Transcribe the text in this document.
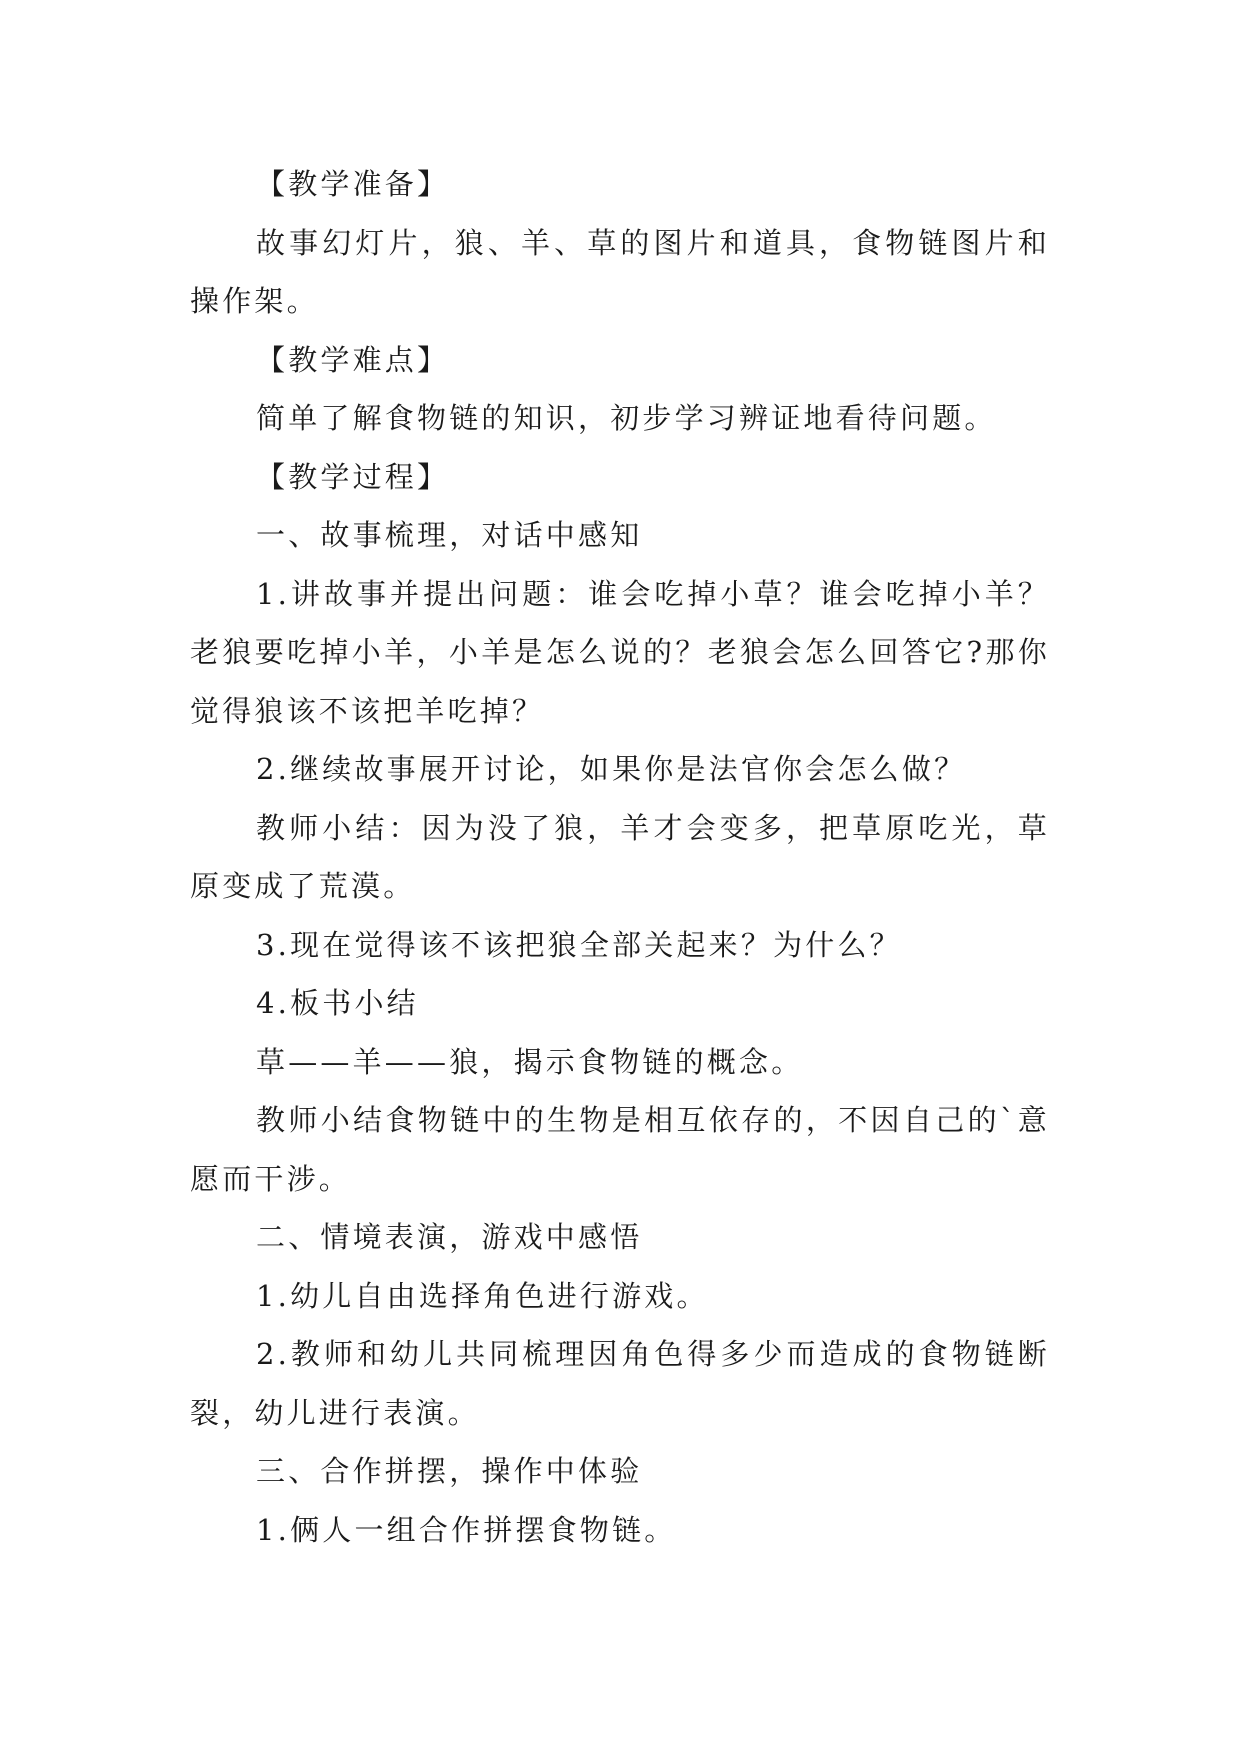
【教学准备】

故事幻灯片，狼、羊、草的图片和道具，食物链图片和操作架。

【教学难点】

简单了解食物链的知识，初步学习辨证地看待问题。

【教学过程】

一、故事梳理，对话中感知

1.讲故事并提出问题：谁会吃掉小草？谁会吃掉小羊？老狼要吃掉小羊，小羊是怎么说的？老狼会怎么回答它?那你觉得狼该不该把羊吃掉？

2.继续故事展开讨论，如果你是法官你会怎么做？

教师小结：因为没了狼，羊才会变多，把草原吃光，草原变成了荒漠。

3.现在觉得该不该把狼全部关起来？为什么？

4.板书小结

草——羊——狼，揭示食物链的概念。

教师小结食物链中的生物是相互依存的，不因自己的`意愿而干涉。

二、情境表演，游戏中感悟

1.幼儿自由选择角色进行游戏。

2.教师和幼儿共同梳理因角色得多少而造成的食物链断裂，幼儿进行表演。

三、合作拼摆，操作中体验

1.俩人一组合作拼摆食物链。
